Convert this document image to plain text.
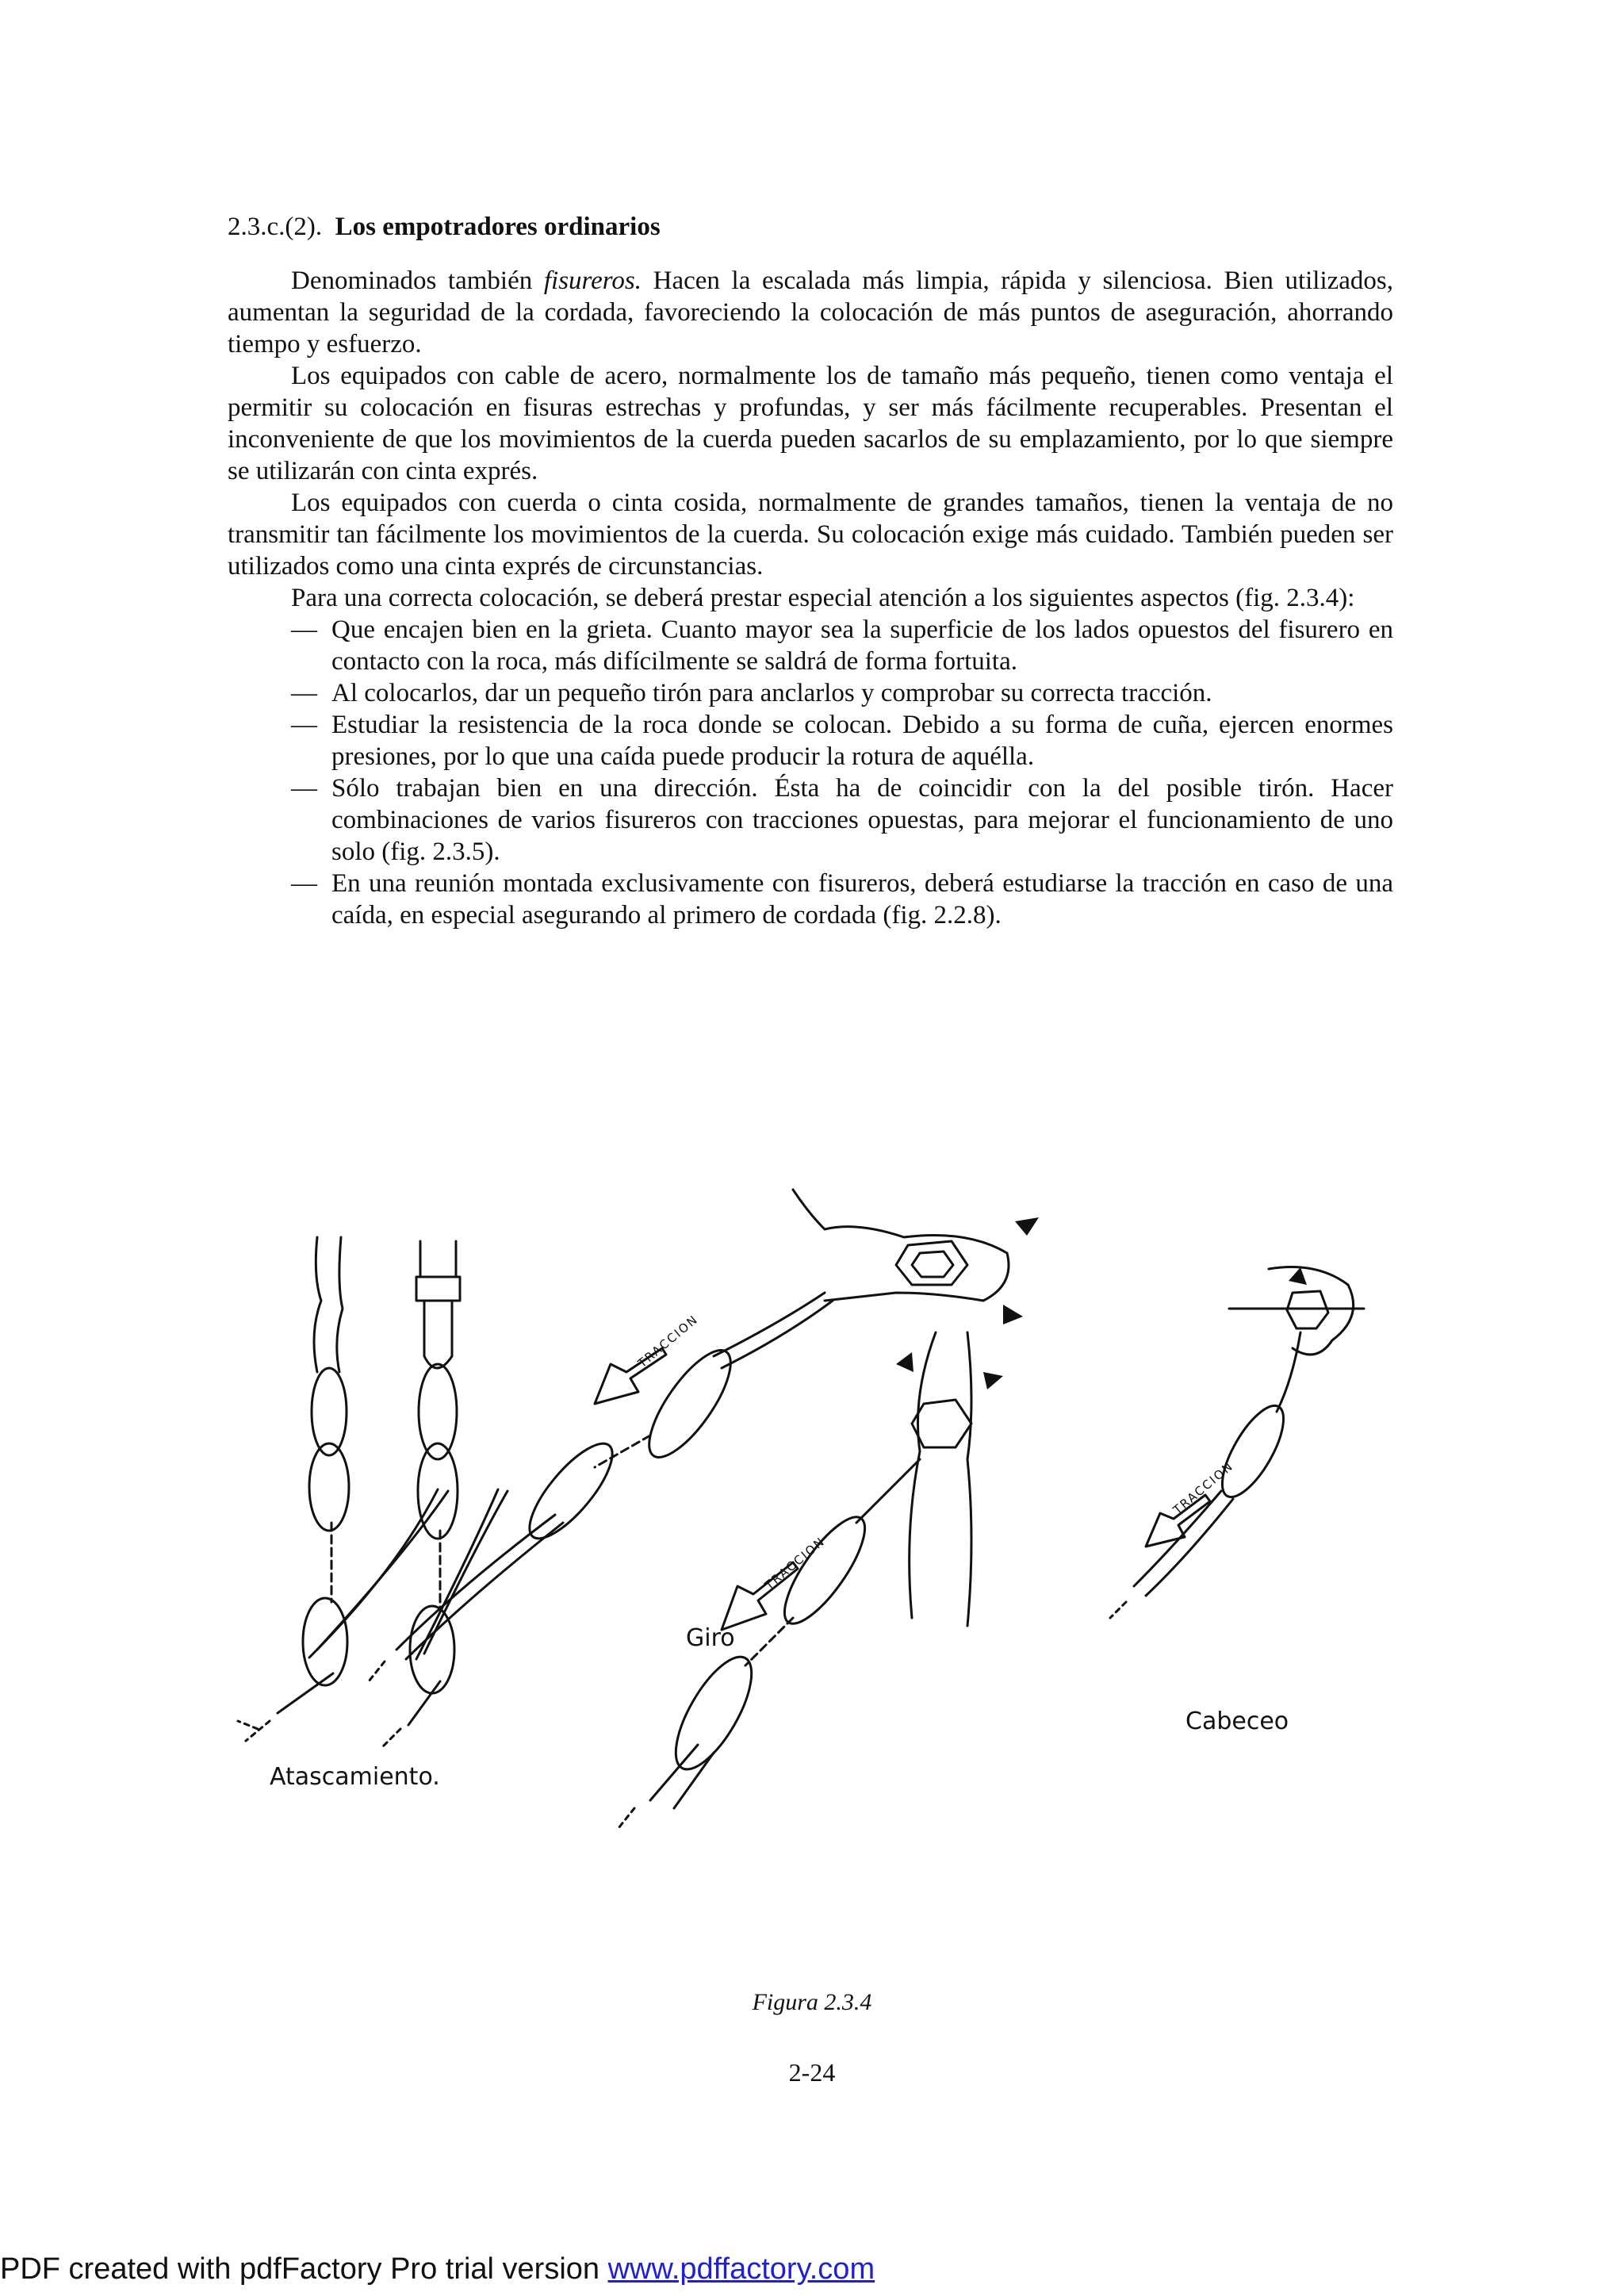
2.3.c.(2). Los empotradores ordinarios

Denominados también fisureros. Hacen la escalada más limpia, rápida y silenciosa. Bien utilizados, aumentan la seguridad de la cordada, favoreciendo la colocación de más puntos de aseguración, ahorrando tiempo y esfuerzo.

Los equipados con cable de acero, normalmente los de tamaño más pequeño, tienen como ventaja el permitir su colocación en fisuras estrechas y profundas, y ser más fácilmente recuperables. Presentan el inconveniente de que los movimientos de la cuerda pueden sacarlos de su emplazamiento, por lo que siempre se utilizarán con cinta exprés.

Los equipados con cuerda o cinta cosida, normalmente de grandes tamaños, tienen la ventaja de no transmitir tan fácilmente los movimientos de la cuerda. Su colocación exige más cuidado. También pueden ser utilizados como una cinta exprés de circunstancias.

Para una correcta colocación, se deberá prestar especial atención a los siguientes aspectos (fig. 2.3.4):

— Que encajen bien en la grieta. Cuanto mayor sea la superficie de los lados opuestos del fisurero en contacto con la roca, más difícilmente se saldrá de forma fortuita.
— Al colocarlos, dar un pequeño tirón para anclarlos y comprobar su correcta tracción.
— Estudiar la resistencia de la roca donde se colocan. Debido a su forma de cuña, ejercen enormes presiones, por lo que una caída puede producir la rotura de aquélla.
— Sólo trabajan bien en una dirección. Ésta ha de coincidir con la del posible tirón. Hacer combinaciones de varios fisureros con tracciones opuestas, para mejorar el funcionamiento de uno solo (fig. 2.3.5).
— En una reunión montada exclusivamente con fisureros, deberá estudiarse la tracción en caso de una caída, en especial asegurando al primero de cordada (fig. 2.2.8).
TRACCION
TRACCION
TRACCION
Atascamiento.
Giro
Cabeceo
Figura 2.3.4
2-24
PDF created with pdfFactory Pro trial version www.pdffactory.com
